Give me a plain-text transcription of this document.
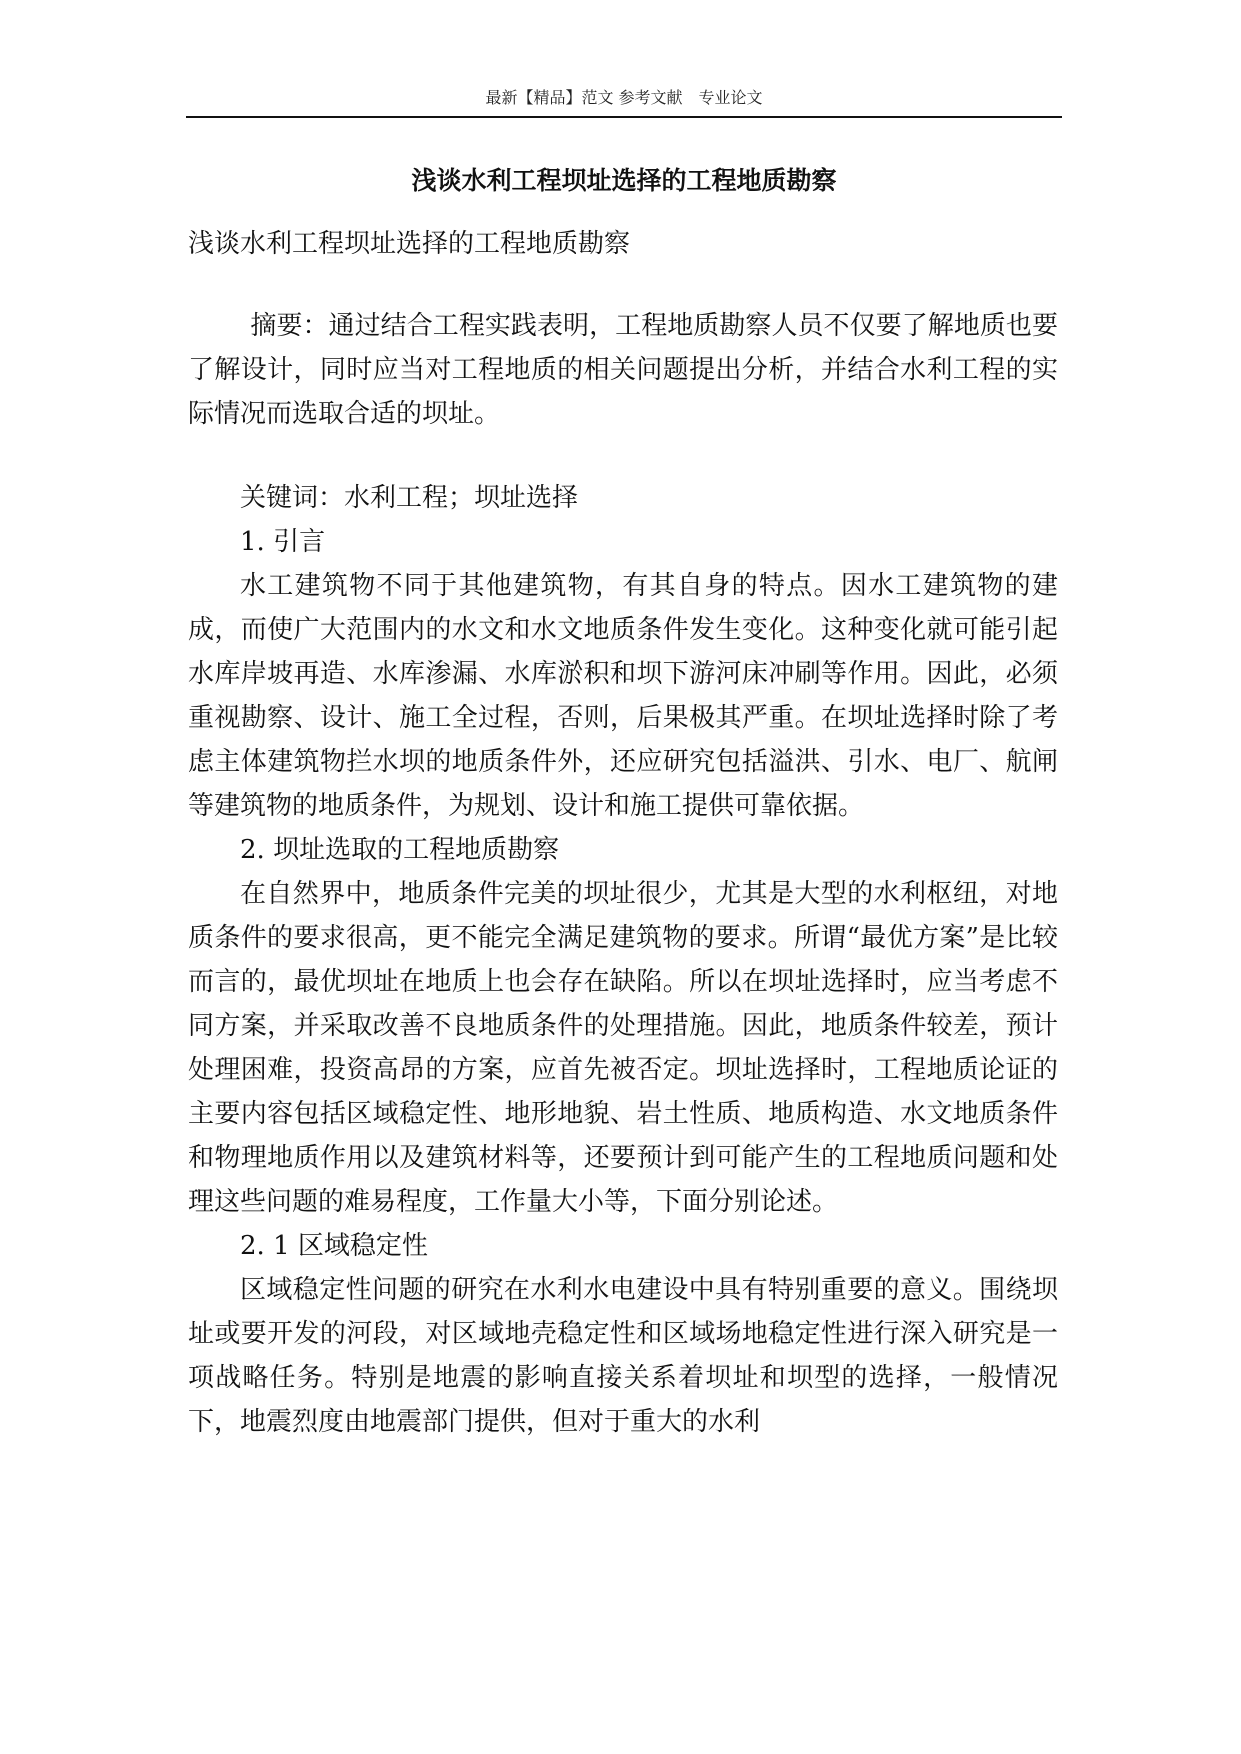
最新【精品】范文 参考文献　专业论文
浅谈水利工程坝址选择的工程地质勘察

浅谈水利工程坝址选择的工程地质勘察

摘要：通过结合工程实践表明，工程地质勘察人员不仅要了解地质也要了解设计，同时应当对工程地质的相关问题提出分析，并结合水利工程的实际情况而选取合适的坝址。

关键词：水利工程；坝址选择

1. 引言

水工建筑物不同于其他建筑物，有其自身的特点。因水工建筑物的建成，而使广大范围内的水文和水文地质条件发生变化。这种变化就可能引起水库岸坡再造、水库渗漏、水库淤积和坝下游河床冲刷等作用。因此，必须重视勘察、设计、施工全过程，否则，后果极其严重。在坝址选择时除了考虑主体建筑物拦水坝的地质条件外，还应研究包括溢洪、引水、电厂、航闸等建筑物的地质条件，为规划、设计和施工提供可靠依据。

2. 坝址选取的工程地质勘察

在自然界中，地质条件完美的坝址很少，尤其是大型的水利枢纽，对地质条件的要求很高，更不能完全满足建筑物的要求。所谓“最优方案”是比较而言的，最优坝址在地质上也会存在缺陷。所以在坝址选择时，应当考虑不同方案，并采取改善不良地质条件的处理措施。因此，地质条件较差，预计处理困难，投资高昂的方案，应首先被否定。坝址选择时，工程地质论证的主要内容包括区域稳定性、地形地貌、岩土性质、地质构造、水文地质条件和物理地质作用以及建筑材料等，还要预计到可能产生的工程地质问题和处理这些问题的难易程度，工作量大小等，下面分别论述。

2. 1 区域稳定性

区域稳定性问题的研究在水利水电建设中具有特别重要的意义。围绕坝址或要开发的河段，对区域地壳稳定性和区域场地稳定性进行深入研究是一项战略任务。特别是地震的影响直接关系着坝址和坝型的选择，一般情况下，地震烈度由地震部门提供，但对于重大的水利
